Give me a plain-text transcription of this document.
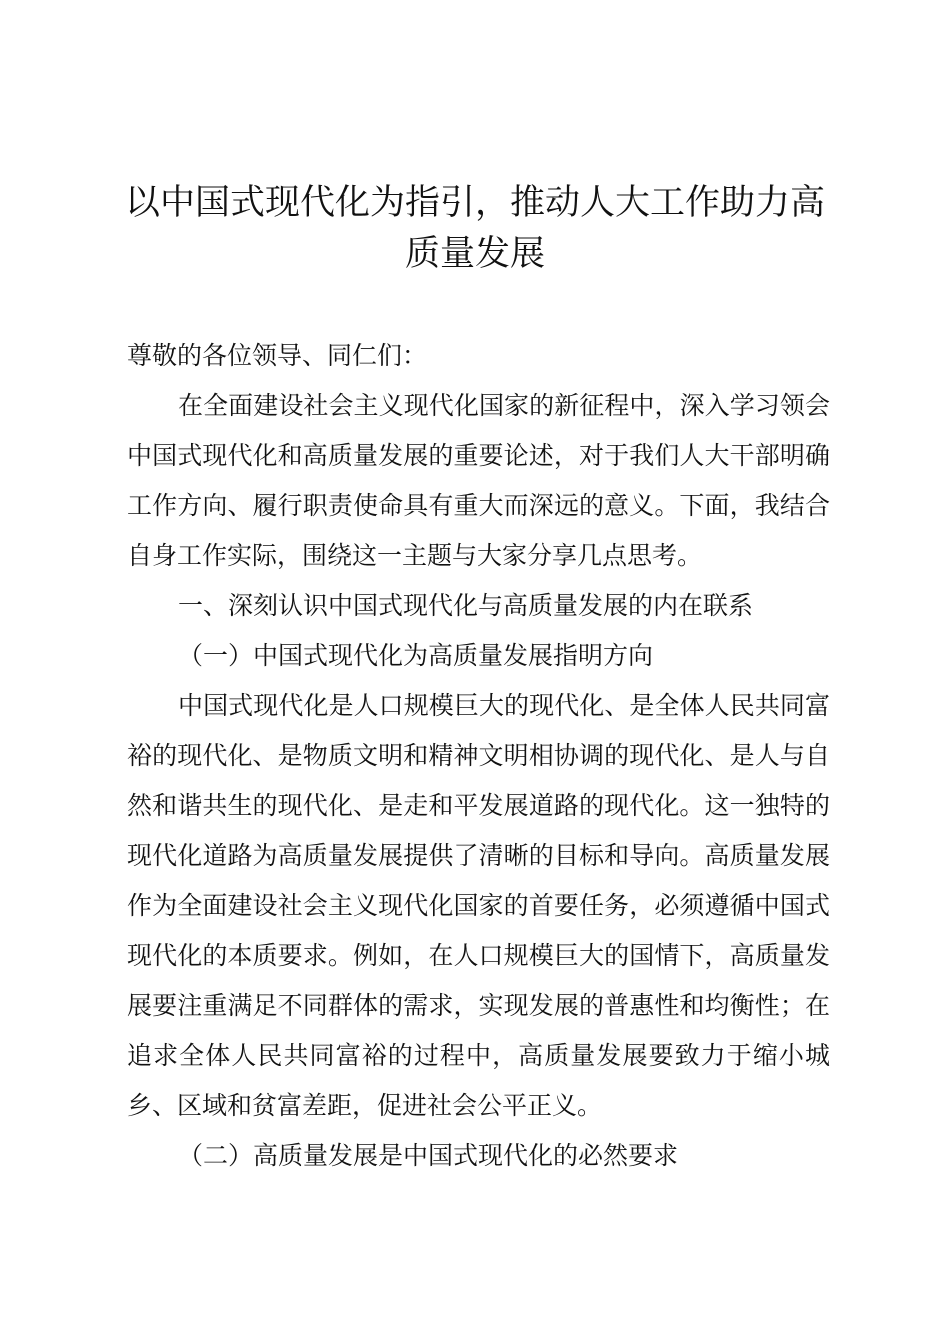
以中国式现代化为指引，推动人大工作助力高
质量发展

尊敬的各位领导、同仁们：

在全面建设社会主义现代化国家的新征程中，深入学习领会中国式现代化和高质量发展的重要论述，对于我们人大干部明确工作方向、履行职责使命具有重大而深远的意义。下面，我结合自身工作实际，围绕这一主题与大家分享几点思考。

一、深刻认识中国式现代化与高质量发展的内在联系

（一）中国式现代化为高质量发展指明方向

中国式现代化是人口规模巨大的现代化、是全体人民共同富裕的现代化、是物质文明和精神文明相协调的现代化、是人与自然和谐共生的现代化、是走和平发展道路的现代化。这一独特的现代化道路为高质量发展提供了清晰的目标和导向。高质量发展作为全面建设社会主义现代化国家的首要任务，必须遵循中国式现代化的本质要求。例如，在人口规模巨大的国情下，高质量发展要注重满足不同群体的需求，实现发展的普惠性和均衡性；在追求全体人民共同富裕的过程中，高质量发展要致力于缩小城乡、区域和贫富差距，促进社会公平正义。

（二）高质量发展是中国式现代化的必然要求
